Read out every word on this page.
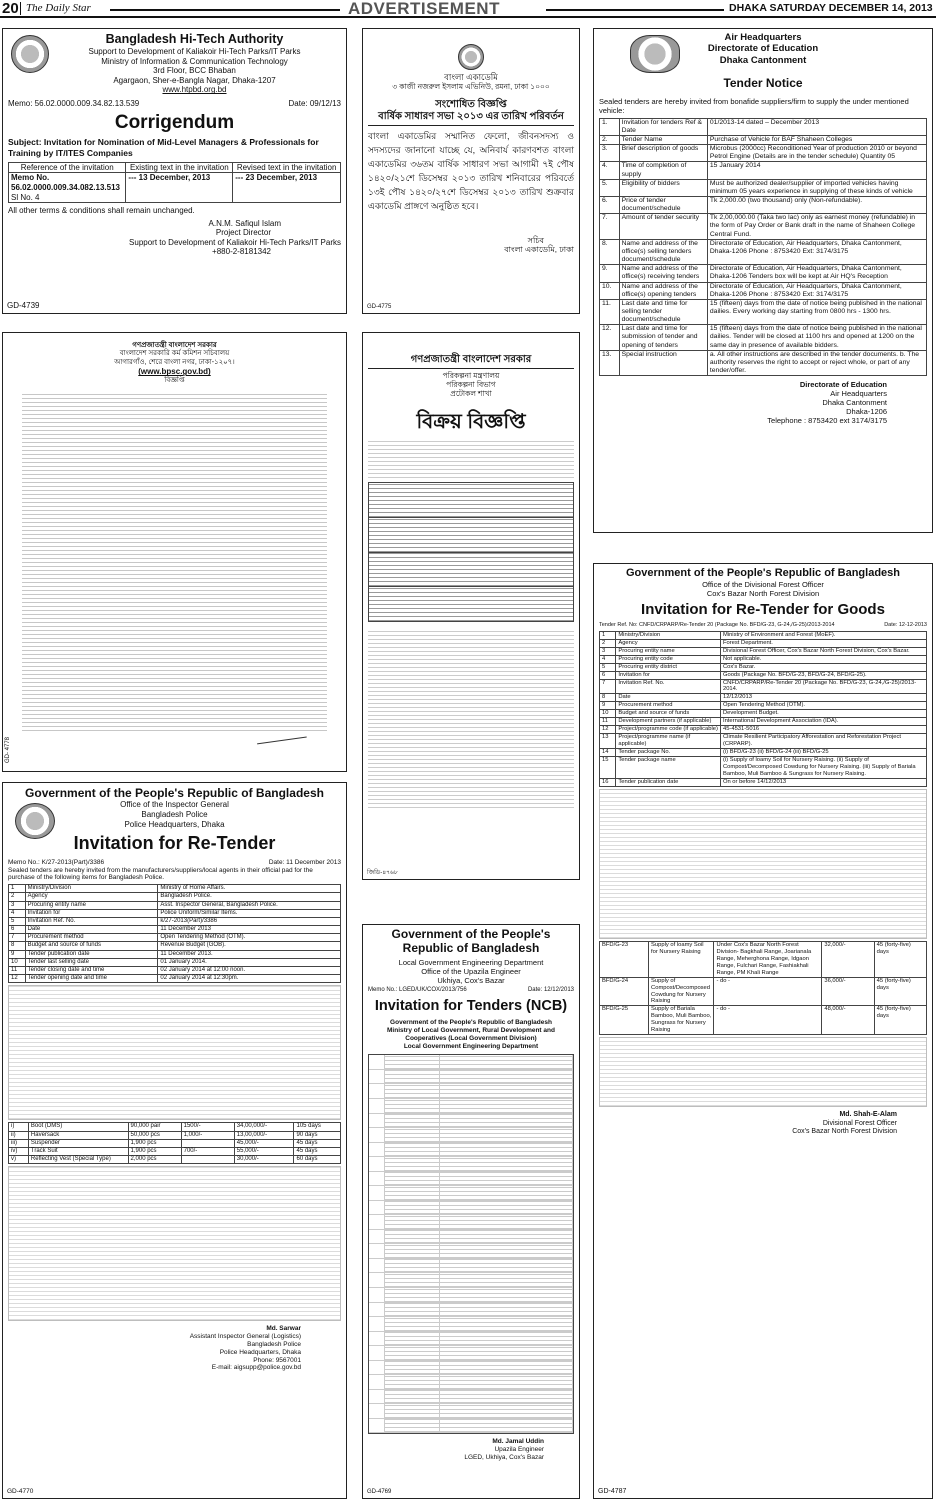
20 The Daily Star	ADVERTISEMENT	DHAKA SATURDAY DECEMBER 14, 2013
Bangladesh Hi-Tech Authority
Support to Development of Kaliakoir Hi-Tech Parks/IT Parks
Ministry of Information & Communication Technology
3rd Floor, BCC Bhaban
Agargaon, Sher-e-Bangla Nagar, Dhaka-1207
www.htpbd.org.bd
Memo: 56.02.0000.009.34.82.13.539	Date: 09/12/13
Corrigendum
Subject: Invitation for Nomination of Mid-Level Managers & Professionals for Training by IT/ITES Companies
Reference of the invitation	Existing text in the invitation	Revised text in the invitation

Memo No.
56.02.0000.009.34.082.13.513
Sl No. 4	--- 13 December, 2013	--- 23 December, 2013
All other terms & conditions shall remain unchanged.
A.N.M. Safiqul Islam
Project Director
Support to Development of Kaliakoir Hi-Tech Parks/IT Parks
+880-2-8181342
GD-4739
বাংলা একাডেমি
৩ কাজী নজরুল ইসলাম এভিনিউ, রমনা, ঢাকা ১০০০
সংশোধিত বিজ্ঞপ্তি
বার্ষিক সাধারণ সভা ২০১৩ এর তারিখ পরিবর্তন
বাংলা একাডেমির সম্মানিত ফেলো, জীবনসদস্য ও সদস্যদের জানানো যাচ্ছে যে, অনিবার্য কারণবশত বাংলা একাডেমির ৩৬তম বার্ষিক সাধারণ সভা আগামী ৭ই পৌষ ১৪২০/২১শে ডিসেম্বর ২০১৩ তারিখ শনিবারের পরিবর্তে ১৩ই পৌষ ১৪২০/২৭শে ডিসেম্বর ২০১৩ তারিখ শুক্রবার একাডেমি প্রাঙ্গণে অনুষ্ঠিত হবে।
সচিব
বাংলা একাডেমি, ঢাকা
GD-4775
Air Headquarters
Directorate of Education
Dhaka Cantonment
Tender Notice
Sealed tenders are hereby invited from bonafide suppliers/firm to supply the under mentioned vehicle:
1.	Invitation for tenders Ref & Date	01/2013-14 dated – December 2013
2.	Tender Name	Purchase of Vehicle for BAF Shaheen Colleges
3.	Brief description of goods	Microbus (2000cc) Reconditioned Year of production 2010 or beyond Petrol Engine (Details are in the tender schedule) Quantity 05
4.	Time of completion of supply	15 January 2014
5.	Eligibility of bidders	Must be authorized dealer/supplier of imported vehicles having minimum 05 years experience in supplying of these kinds of vehicle
6.	Price of tender document/schedule	Tk 2,000.00 (two thousand) only (Non-refundable).
7.	Amount of tender security	Tk 2,00,000.00 (Taka two lac) only as earnest money (refundable) in the form of Pay Order or Bank draft in the name of Shaheen College Central Fund.
8.	Name and address of the office(s) selling tenders document/schedule	Directorate of Education, Air Headquarters, Dhaka Cantonment, Dhaka-1206 Phone : 8753420 Ext: 3174/3175
9.	Name and address of the office(s) receiving tenders	Directorate of Education, Air Headquarters, Dhaka Cantonment, Dhaka-1206 Tenders box will be kept at Air HQ's Reception
10.	Name and address of the office(s) opening tenders	Directorate of Education, Air Headquarters, Dhaka Cantonment, Dhaka-1206 Phone : 8753420 Ext: 3174/3175
11.	Last date and time for selling tender document/schedule	15 (fifteen) days from the date of notice being published in the national dailies. Every working day starting from 0800 hrs - 1300 hrs.
12.	Last date and time for submission of tender and opening of tenders	15 (fifteen) days from the date of notice being published in the national dailies. Tender will be closed at 1100 hrs and opened at 1200 on the same day in presence of available bidders.
13.	Special instruction	a. All other instructions are described in the tender documents. b. The authority reserves the right to accept or reject whole, or part of any tender/offer.
Directorate of Education
Air Headquarters
Dhaka Cantonment
Dhaka-1206
Telephone : 8753420 ext 3174/3175
গণপ্রজাতন্ত্রী বাংলাদেশ সরকার
বাংলাদেশ সরকারি কর্ম কমিশন সচিবালয়
আগারগাঁও, শেরে বাংলা নগর, ঢাকা-১২০৭।
(www.bpsc.gov.bd)
বিজ্ঞপ্তি
GD- 4778
গণপ্রজাতন্ত্রী বাংলাদেশ সরকার
পরিকল্পনা মন্ত্রণালয়
পরিকল্পনা বিভাগ
প্রটোকল শাখা
বিক্রয় বিজ্ঞপ্তি
জিডি-৪৭৬৮
Government of the People's Republic of Bangladesh
Office of the Inspector General
Bangladesh Police
Police Headquarters, Dhaka
Invitation for Re-Tender
Memo No.: K/27-2013(Part)/3386	Date: 11 December 2013
Sealed tenders are hereby invited from the manufacturers/suppliers/local agents in their official pad for the purchase of the following items for Bangladesh Police.
1	Ministry/Division	Ministry of Home Affairs.
2	Agency	Bangladesh Police.
3	Procuring entity name	Asst. Inspector General, Bangladesh Police.
4	Invitation for	Police Uniform/Similar Items.
5	Invitation Ref. No.	k/27-2013(Part)/3386
6	Date	11 December 2013
7	Procurement method	Open Tendering Method (OTM).
8	Budget and source of funds	Revenue Budget (GOB).
9	Tender publication date	11 December 2013.
10	Tender last selling date	01 January 2014.
11	Tender closing date and time	02 January 2014 at 12:00 noon.
12	Tender opening date and time	02 January 2014 at 12:30pm.
i)	Boot (DMS)	90,000 pair	1500/-	34,00,000/-	105 days
ii)	Haversack	50,000 pcs	1,000/-	13,00,000/-	90 days
iii)	Suspender	1,900 pcs		45,000/-	45 days
iv)	Track Suit	1,900 pcs	700/-	55,000/-	45 days
v)	Reflecting Vest (Special Type)	2,000 pcs		30,000/-	60 days
Md. Sarwar
Assistant Inspector General (Logistics)
Bangladesh Police
Police Headquarters, Dhaka
Phone: 9567001
E-mail: aigsupp@police.gov.bd
GD-4770
Government of the People's Republic of Bangladesh
Local Government Engineering Department
Office of the Upazila Engineer
Ukhiya, Cox's Bazar
Memo No.: LGED/UK/COX/2013/756	Date: 12/12/2013
Invitation for Tenders (NCB)
Government of the People's Republic of Bangladesh
Ministry of Local Government, Rural Development and Cooperatives (Local Government Division)
Local Government Engineering Department
Md. Jamal Uddin
Upazila Engineer
LGED, Ukhiya, Cox's Bazar
GD-4769
Government of the People's Republic of Bangladesh
Office of the Divisional Forest Officer
Cox's Bazar North Forest Division
Invitation for Re-Tender for Goods
Tender Ref. No: CNFD/CRPARP/Re-Tender 20 (Package No. BFD/G-23, G-24,/G-25)/2013-2014	Date: 12-12-2013
1	Ministry/Division	Ministry of Environment and Forest (MoEF).
2	Agency	Forest Department.
3	Procuring entity name	Divisional Forest Officer, Cox's Bazar North Forest Division, Cox's Bazar.
4	Procuring entity code	Not applicable.
5	Procuring entity district	Cox's Bazar.
6	Invitation for	Goods (Package No. BFD/G-23, BFD/G-24, BFD/G-25).
7	Invitation Ref. No.	CNFD/CRPARP/Re-Tender 20 (Package No. BFD/G-23, G-24,/G-25)/2013-2014.
8	Date	12/12/2013
9	Procurement method	Open Tendering Method (OTM).
10	Budget and source of funds	Development Budget.
11	Development partners (if applicable)	International Development Association (IDA).
12	Project/programme code (if applicable)	45-4531-5016
13	Project/programme name (if applicable)	Climate Resilient Participatory Afforestation and Reforestation Project (CRPARP).
14	Tender package No.	(i) BFD/G-23 (ii) BFD/G-24 (iii) BFD/G-25
15	Tender package name	(i) Supply of loamy Soil for Nursery Raising. (ii) Supply of Compost/Decomposed Cowdung for Nursery Raising. (iii) Supply of Bariala Bamboo, Muli Bamboo & Sungrass for Nursery Raising.
16	Tender publication date	On or before 14/12/2013
BFD/G-23	Supply of loamy Soil for Nursery Raising	Under Cox's Bazar North Forest Division- Bagkhali Range, Joarianala Range, Meherghona Range, Idgaon Range, Fulchari Range, Fashiakhali Range, PM Khali Range	32,000/-	45 (forty-five) days
BFD/G-24	Supply of Compost/Decomposed Cowdung for Nursery Raising	- do -	36,000/-	45 (forty-five) days
BFD/G-25	Supply of Bariala Bamboo, Muli Bamboo, Sungrass for Nursery Raising	- do -	48,000/-	45 (forty-five) days
Md. Shah-E-Alam
Divisional Forest Officer
Cox's Bazar North Forest Division
GD-4787
